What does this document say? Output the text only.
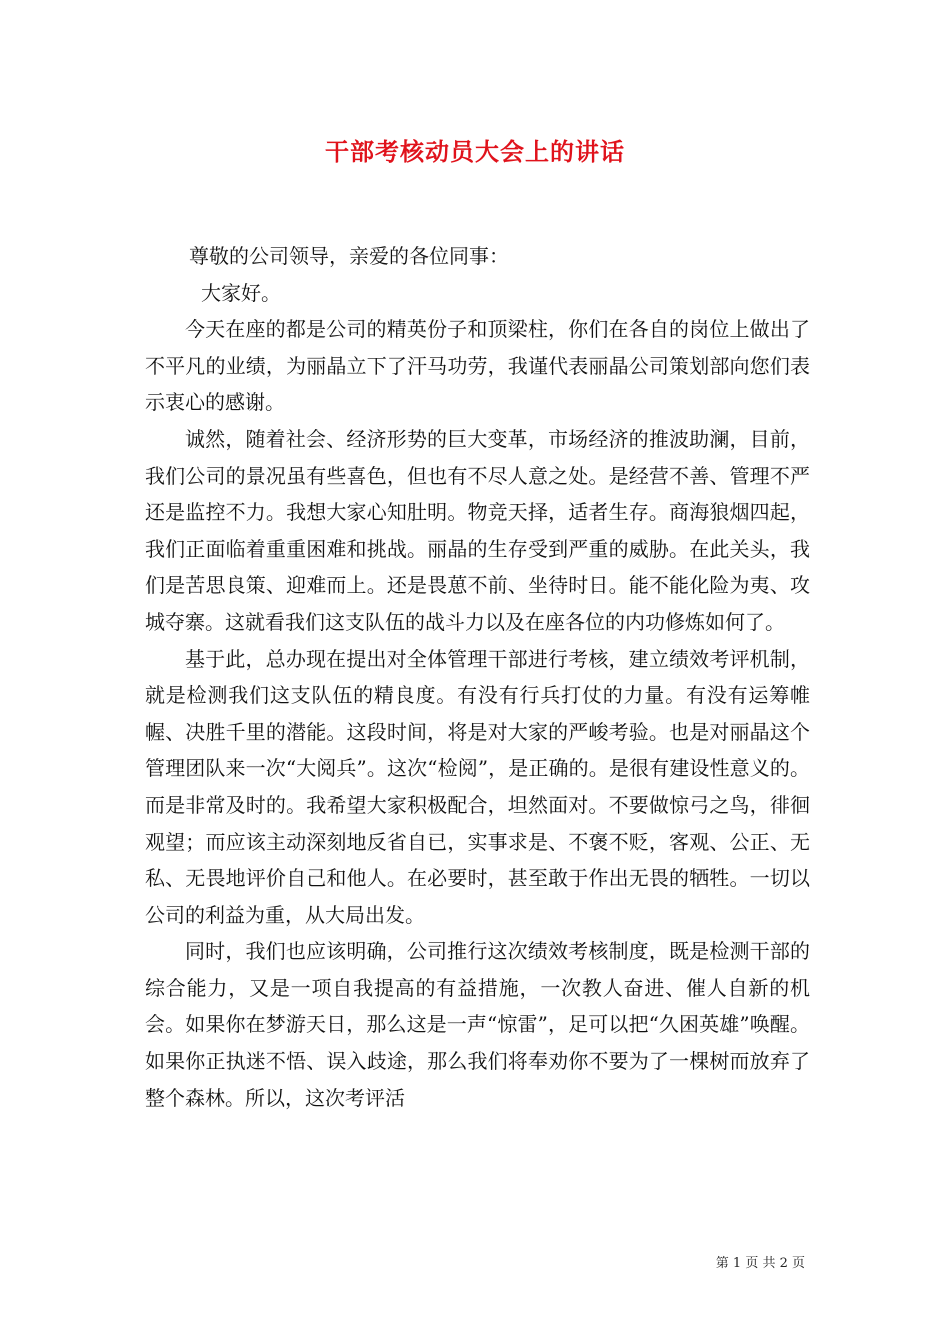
干部考核动员大会上的讲话

尊敬的公司领导，亲爱的各位同事：

大家好。

今天在座的都是公司的精英份子和顶梁柱，你们在各自的岗位上做出了不平凡的业绩，为丽晶立下了汗马功劳，我谨代表丽晶公司策划部向您们表示衷心的感谢。

诚然，随着社会、经济形势的巨大变革，市场经济的推波助澜，目前，我们公司的景况虽有些喜色，但也有不尽人意之处。是经营不善、管理不严还是监控不力。我想大家心知肚明。物竞天择，适者生存。商海狼烟四起，我们正面临着重重困难和挑战。丽晶的生存受到严重的威胁。在此关头，我们是苦思良策、迎难而上。还是畏葸不前、坐待时日。能不能化险为夷、攻城夺寨。这就看我们这支队伍的战斗力以及在座各位的内功修炼如何了。

基于此，总办现在提出对全体管理干部进行考核，建立绩效考评机制，就是检测我们这支队伍的精良度。有没有行兵打仗的力量。有没有运筹帷幄、决胜千里的潜能。这段时间，将是对大家的严峻考验。也是对丽晶这个管理团队来一次“大阅兵”。这次“检阅”，是正确的。是很有建设性意义的。而是非常及时的。我希望大家积极配合，坦然面对。不要做惊弓之鸟，徘徊观望；而应该主动深刻地反省自已，实事求是、不褒不贬，客观、公正、无私、无畏地评价自己和他人。在必要时，甚至敢于作出无畏的牺牲。一切以公司的利益为重，从大局出发。

同时，我们也应该明确，公司推行这次绩效考核制度，既是检测干部的综合能力，又是一项自我提高的有益措施，一次教人奋进、催人自新的机会。如果你在梦游天日，那么这是一声“惊雷”，足可以把“久困英雄”唤醒。如果你正执迷不悟、误入歧途，那么我们将奉劝你不要为了一棵树而放弃了整个森林。所以，这次考评活

第 1 页 共 2 页
